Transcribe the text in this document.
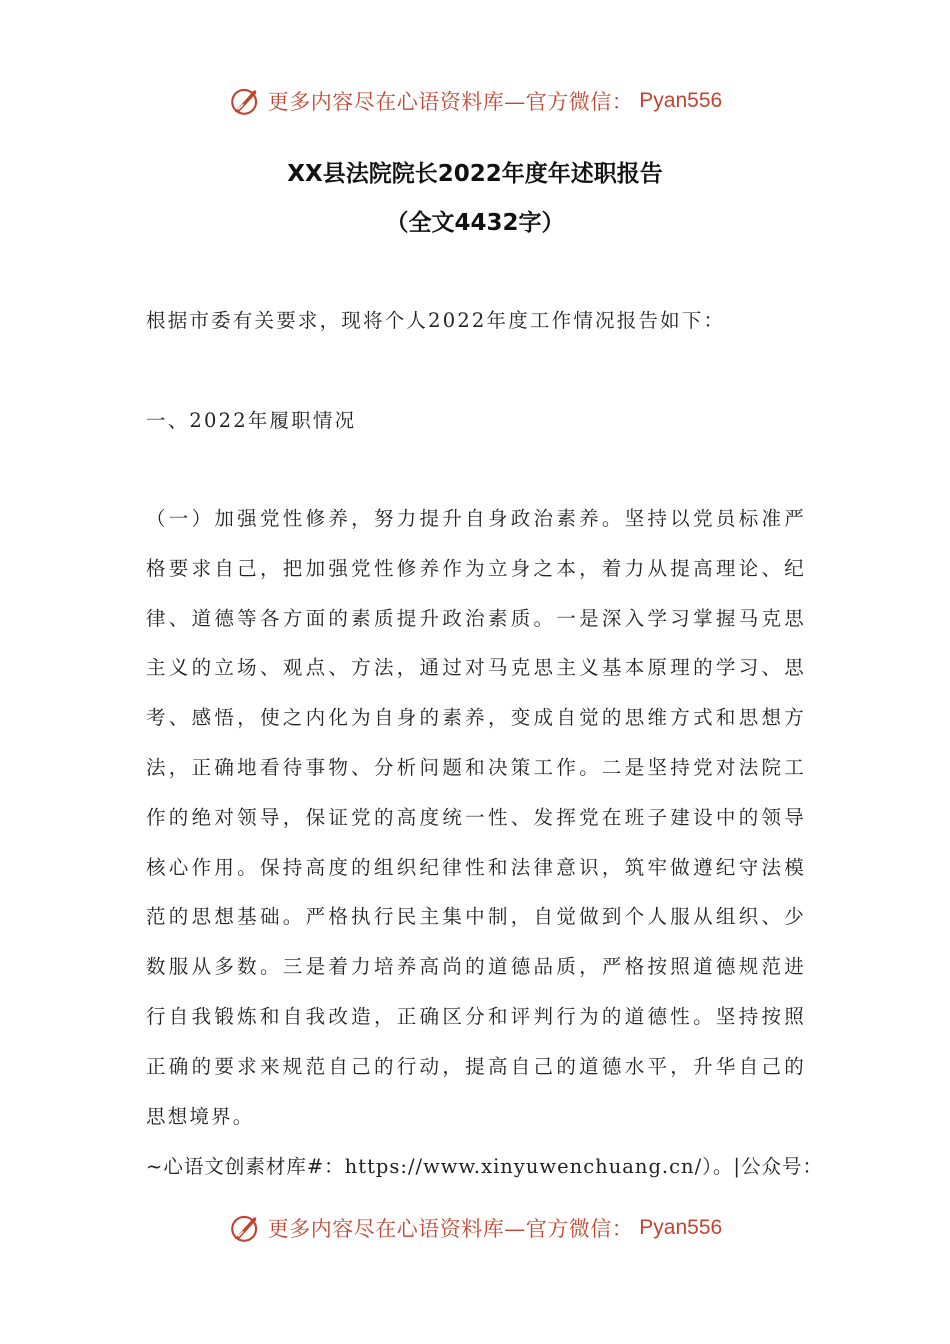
更多内容尽在心语资料库—官方微信： Pyan556
XX县法院院长2022年度年述职报告
（全文4432字）
根据市委有关要求，现将个人2022年度工作情况报告如下：
一、2022年履职情况
（一）加强党性修养，努力提升自身政治素养。坚持以党员标准严
格要求自己，把加强党性修养作为立身之本，着力从提高理论、纪
律、道德等各方面的素质提升政治素质。一是深入学习掌握马克思
主义的立场、观点、方法，通过对马克思主义基本原理的学习、思
考、感悟，使之内化为自身的素养，变成自觉的思维方式和思想方
法，正确地看待事物、分析问题和决策工作。二是坚持党对法院工
作的绝对领导，保证党的高度统一性、发挥党在班子建设中的领导
核心作用。保持高度的组织纪律性和法律意识，筑牢做遵纪守法模
范的思想基础。严格执行民主集中制，自觉做到个人服从组织、少
数服从多数。三是着力培养高尚的道德品质，严格按照道德规范进
行自我锻炼和自我改造，正确区分和评判行为的道德性。坚持按照
正确的要求来规范自己的行动，提高自己的道德水平，升华自己的
思想境界。
~心语文创素材库#：https://www.xinyuwenchuang.cn/）。|公众号：
更多内容尽在心语资料库—官方微信： Pyan556
